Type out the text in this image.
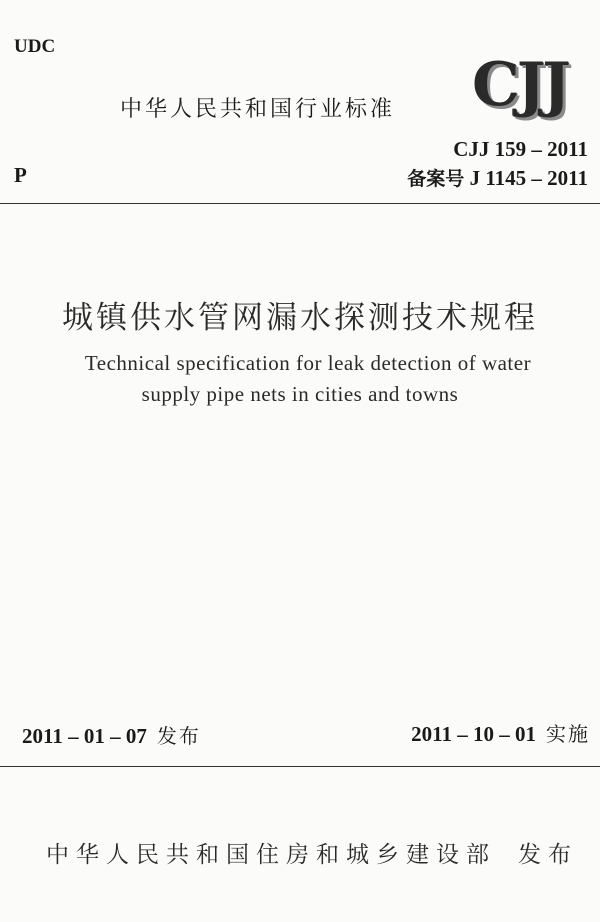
UDC
中华人民共和国行业标准 CJJ
CJJ 159 – 2011
备案号 J 1145 – 2011
P
城镇供水管网漏水探测技术规程
Technical specification for leak detection of water
supply pipe nets in cities and towns
2011 – 01 – 07 发布	2011 – 10 – 01 实施
中华人民共和国住房和城乡建设部 发布
